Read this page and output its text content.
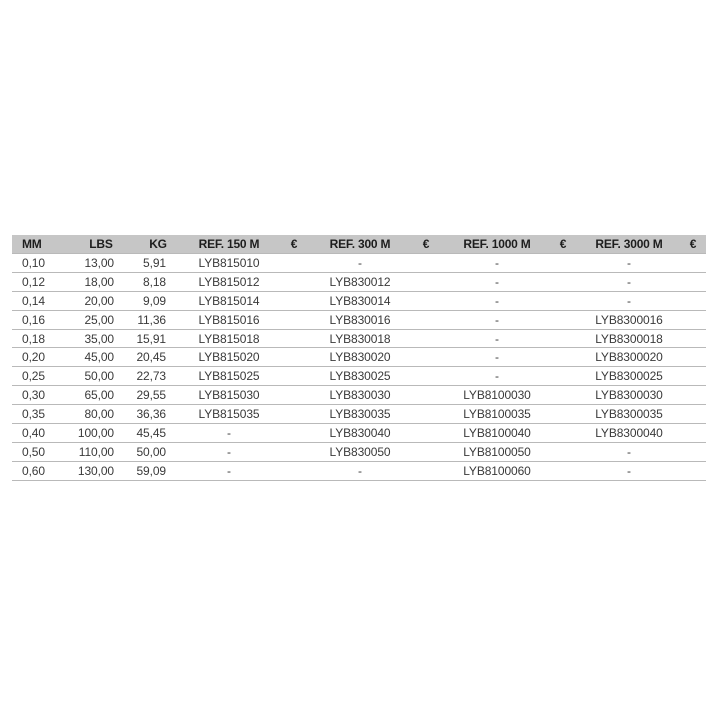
MM	LBS	KG	REF. 150 M	€	REF. 300 M	€	REF. 1000 M	€	REF. 3000 M	€
0,10	13,00	5,91	LYB815010		-		-		-	
0,12	18,00	8,18	LYB815012		LYB830012		-		-	
0,14	20,00	9,09	LYB815014		LYB830014		-		-	
0,16	25,00	11,36	LYB815016		LYB830016		-		LYB8300016	
0,18	35,00	15,91	LYB815018		LYB830018		-		LYB8300018	
0,20	45,00	20,45	LYB815020		LYB830020		-		LYB8300020	
0,25	50,00	22,73	LYB815025		LYB830025		-		LYB8300025	
0,30	65,00	29,55	LYB815030		LYB830030		LYB8100030		LYB8300030	
0,35	80,00	36,36	LYB815035		LYB830035		LYB8100035		LYB8300035	
0,40	100,00	45,45	-		LYB830040		LYB8100040		LYB8300040	
0,50	110,00	50,00	-		LYB830050		LYB8100050		-	
0,60	130,00	59,09	-		-		LYB8100060		-	
